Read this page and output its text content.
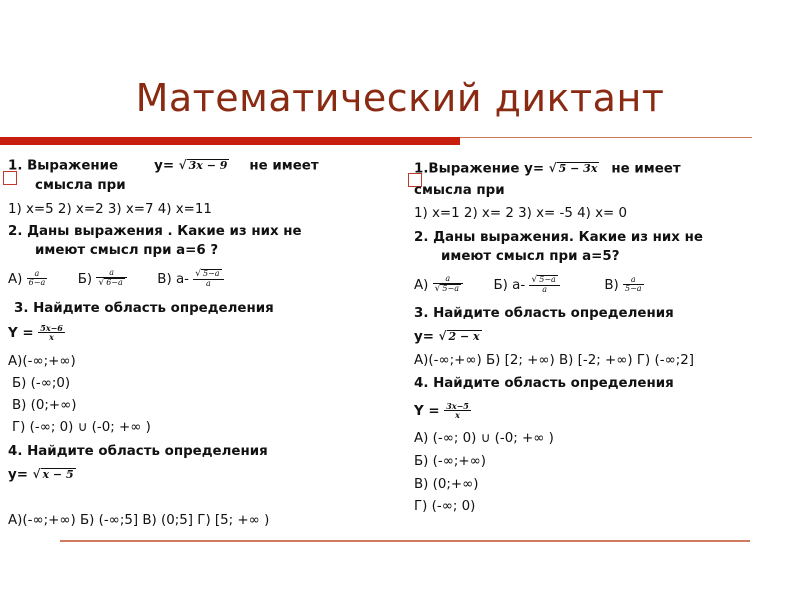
Математический диктант
1. Выражение	y= √ 3x − 9 не имеет
смысла при
1) x=5 2) x=2 3) x=7 4) x=11
2. Даны выражения . Какие из них не
имеют смысл при а=6 ?
$А) \frac{a}{6-a} Б) \frac{a}{√ 6-a} В$) $а- \frac{√ 5-a}{a}$
3. Найдите область определения
$Y = \frac{5x-6}{x}$
А)(-∞;+∞)
Б) (-∞;0)
В) (0;+∞)
Г) (-∞; 0) ∪ (-0; +∞ )
4. Найдите область определения
y= √ x − 5
А)(-∞;+∞) Б) (-∞;5] В) (0;5] Г) [5; +∞ )
1.Выражение y= √ 5 − 3x не имеет
смысла при
1) x=1 2) x= 2 3) x= -5 4) x= 0
2. Даны выражения. Какие из них не
имеют смысл при а=5?
$А) \frac{a}{√ 5-a} Б$) $а- \frac{√ 5-a}{a}$	$В) \frac{a}{5-a}$
3. Найдите область определения
y= √ 2 − x
А)(-∞;+∞) Б) [2; +∞) В) [-2; +∞) Г) (-∞;2]
4. Найдите область определения
$Y = \frac{3x-5}{x}$
А) (-∞; 0) ∪ (-0; +∞ )
Б) (-∞;+∞)
В) (0;+∞)
Г) (-∞; 0)
